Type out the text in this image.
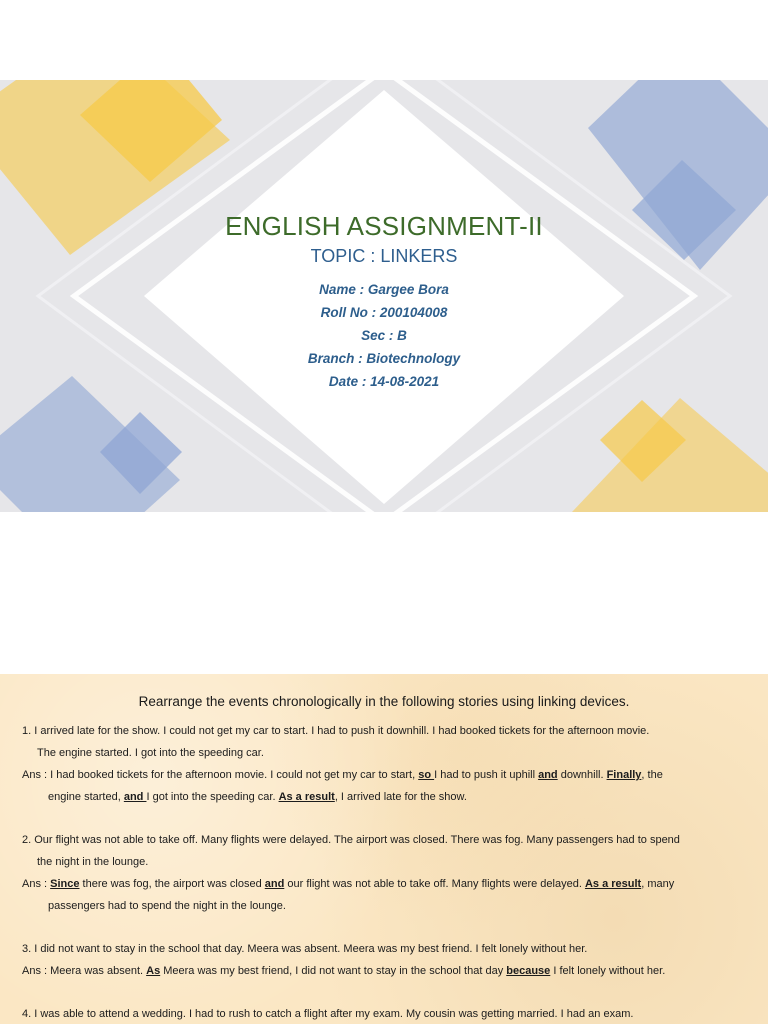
ENGLISH ASSIGNMENT-II
TOPIC : LINKERS
Name : Gargee Bora
Roll No : 200104008
Sec : B
Branch : Biotechnology
Date : 14-08-2021
Rearrange the events chronologically in the following stories using linking devices.
1. I arrived late for the show. I could not get my car to start. I had to push it downhill. I had booked tickets for the afternoon movie.
The engine started. I got into the speeding car.
Ans : I had booked tickets for the afternoon movie. I could not get my car to start, so I had to push it uphill and downhill. Finally, the
engine started, and I got into the speeding car. As a result, I arrived late for the show.
2. Our flight was not able to take off. Many flights were delayed. The airport was closed. There was fog. Many passengers had to spend
the night in the lounge.
Ans : Since there was fog, the airport was closed and our flight was not able to take off. Many flights were delayed. As a result, many
passengers had to spend the night in the lounge.
3. I did not want to stay in the school that day. Meera was absent. Meera was my best friend. I felt lonely without her.
Ans : Meera was absent. As Meera was my best friend, I did not want to stay in the school that day because I felt lonely without her.
4. I was able to attend a wedding. I had to rush to catch a flight after my exam. My cousin was getting married. I had an exam.
